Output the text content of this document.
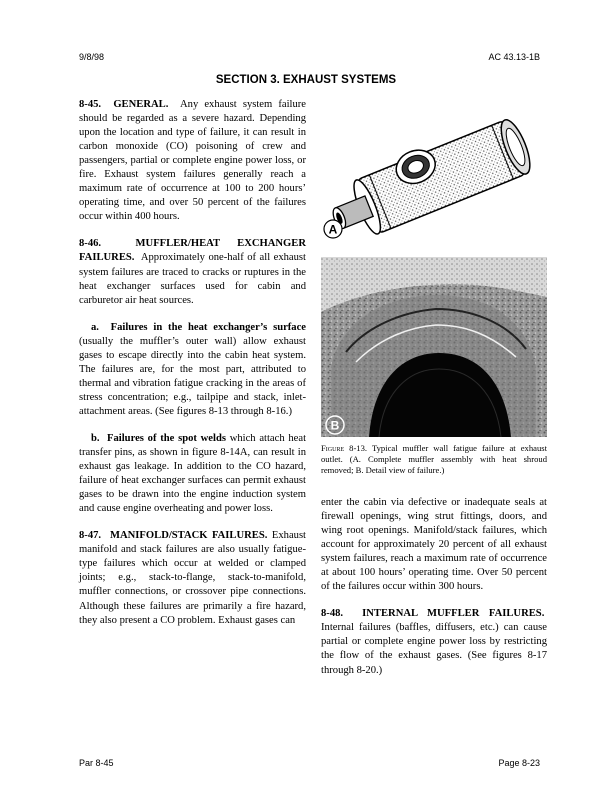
9/8/98	AC 43.13-1B
SECTION 3. EXHAUST SYSTEMS

8-45. GENERAL. Any exhaust system failure should be regarded as a severe hazard. Depending upon the location and type of failure, it can result in carbon monoxide (CO) poisoning of crew and passengers, partial or complete engine power loss, or fire. Exhaust system failures generally reach a maximum rate of occurrence at 100 to 200 hours’ operating time, and over 50 percent of the failures occur within 400 hours.

8-46.	MUFFLER/HEAT EXCHANGER FAILURES. Approximately one-half of all exhaust system failures are traced to cracks or ruptures in the heat exchanger surfaces used for cabin and carburetor air heat sources.

a. Failures in the heat exchanger’s surface (usually the muffler’s outer wall) allow exhaust gases to escape directly into the cabin heat system. The failures are, for the most part, attributed to thermal and vibration fatigue cracking in the areas of stress concentration; e.g., tailpipe and stack, inlet-attachment areas. (See figures 8-13 through 8-16.)

b. Failures of the spot welds which attach heat transfer pins, as shown in figure 8-14A, can result in exhaust gas leakage. In addition to the CO hazard, failure of heat exchanger surfaces can permit exhaust gases to be drawn into the engine induction system and cause engine overheating and power loss.

8-47. MANIFOLD/STACK FAILURES. Exhaust manifold and stack failures are also usually fatigue-type failures which occur at welded or clamped joints; e.g., stack-to-flange, stack-to-manifold, muffler connections, or crossover pipe connections. Although these failures are primarily a fire hazard, they also present a CO problem. Exhaust gases can

A
B
Figure 8-13. Typical muffler wall fatigue failure at exhaust outlet. (A. Complete muffler assembly with heat shroud removed; B. Detail view of failure.)

enter the cabin via defective or inadequate seals at firewall openings, wing strut fittings, doors, and wing root openings. Manifold/stack failures, which account for approximately 20 percent of all exhaust system failures, reach a maximum rate of occurrence at about 100 hours’ operating time. Over 50 percent of the failures occur within 300 hours.

8-48. INTERNAL MUFFLER FAILURES.  Internal failures (baffles, diffusers, etc.) can cause partial or complete engine power loss by restricting the flow of the exhaust gases. (See figures 8-17 through 8-20.)

Par 8-45	Page 8-23
